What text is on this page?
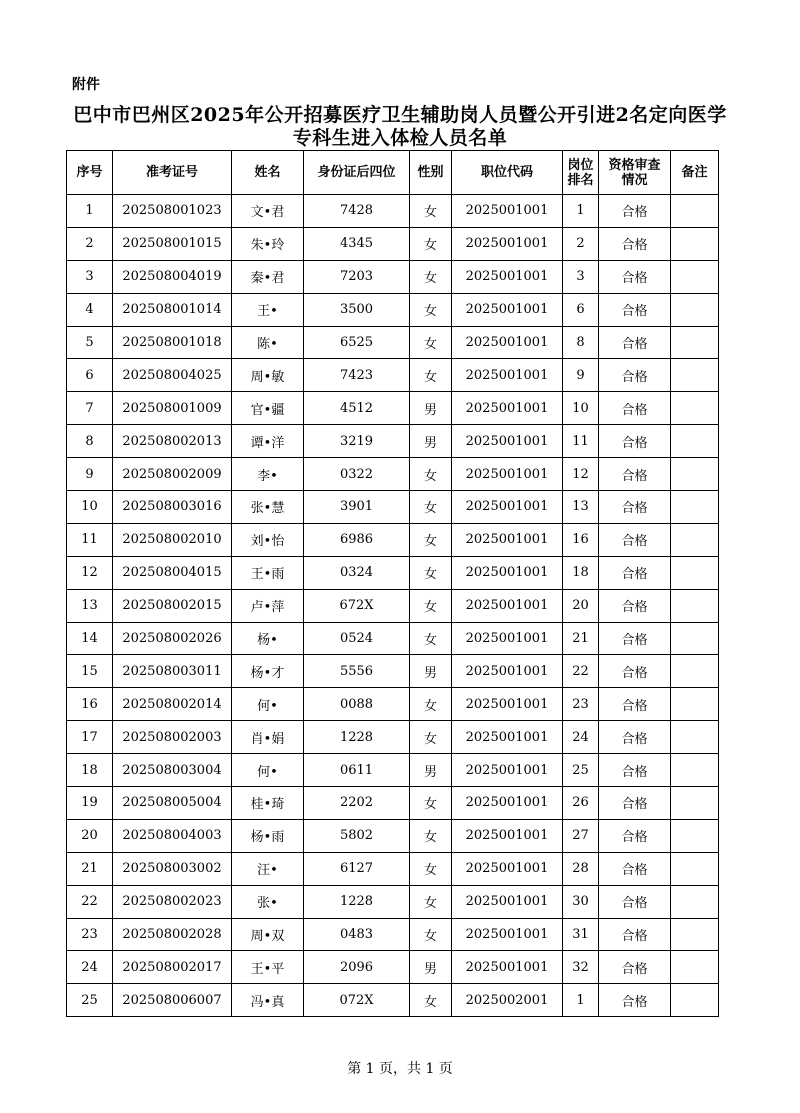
附件
巴中市巴州区2025年公开招募医疗卫生辅助岗人员暨公开引进2名定向医学
专科生进入体检人员名单
序号	准考证号	姓名	身份证后四位	性别	职位代码	岗位排名	资格审查情况	备注
1	202508001023	文•君	7428	女	2025001001	1	合格	
2	202508001015	朱•玲	4345	女	2025001001	2	合格	
3	202508004019	秦•君	7203	女	2025001001	3	合格	
4	202508001014	王•	3500	女	2025001001	6	合格	
5	202508001018	陈•	6525	女	2025001001	8	合格	
6	202508004025	周•敏	7423	女	2025001001	9	合格	
7	202508001009	官•疆	4512	男	2025001001	10	合格	
8	202508002013	谭•洋	3219	男	2025001001	11	合格	
9	202508002009	李•	0322	女	2025001001	12	合格	
10	202508003016	张•慧	3901	女	2025001001	13	合格	
11	202508002010	刘•怡	6986	女	2025001001	16	合格	
12	202508004015	王•雨	0324	女	2025001001	18	合格	
13	202508002015	卢•萍	672X	女	2025001001	20	合格	
14	202508002026	杨•	0524	女	2025001001	21	合格	
15	202508003011	杨•才	5556	男	2025001001	22	合格	
16	202508002014	何•	0088	女	2025001001	23	合格	
17	202508002003	肖•娟	1228	女	2025001001	24	合格	
18	202508003004	何•	0611	男	2025001001	25	合格	
19	202508005004	桂•琦	2202	女	2025001001	26	合格	
20	202508004003	杨•雨	5802	女	2025001001	27	合格	
21	202508003002	汪•	6127	女	2025001001	28	合格	
22	202508002023	张•	1228	女	2025001001	30	合格	
23	202508002028	周•双	0483	女	2025001001	31	合格	
24	202508002017	王•平	2096	男	2025001001	32	合格	
25	202508006007	冯•真	072X	女	2025002001	1	合格	
第 1 页，共 1 页
